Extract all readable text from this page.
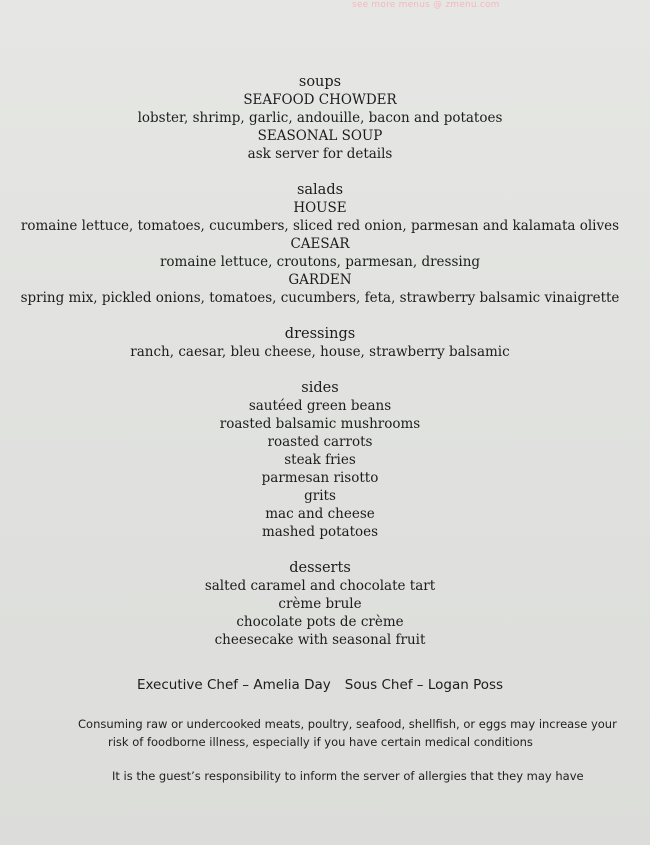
see more menus @ zmenu.com
soups
SEAFOOD CHOWDER
lobster, shrimp, garlic, andouille, bacon and potatoes
SEASONAL SOUP
ask server for details
salads
HOUSE
romaine lettuce, tomatoes, cucumbers, sliced red onion, parmesan and kalamata olives
CAESAR
romaine lettuce, croutons, parmesan, dressing
GARDEN
spring mix, pickled onions, tomatoes, cucumbers, feta, strawberry balsamic vinaigrette
dressings
ranch, caesar, bleu cheese, house, strawberry balsamic
sides
sautéed green beans
roasted balsamic mushrooms
roasted carrots
steak fries
parmesan risotto
grits
mac and cheese
mashed potatoes
desserts
salted caramel and chocolate tart
crème brule
chocolate pots de crème
cheesecake with seasonal fruit
Executive Chef – Amelia Day Sous Chef – Logan Poss
Consuming raw or undercooked meats, poultry, seafood, shellfish, or eggs may increase your
risk of foodborne illness, especially if you have certain medical conditions
It is the guest’s responsibility to inform the server of allergies that they may have
